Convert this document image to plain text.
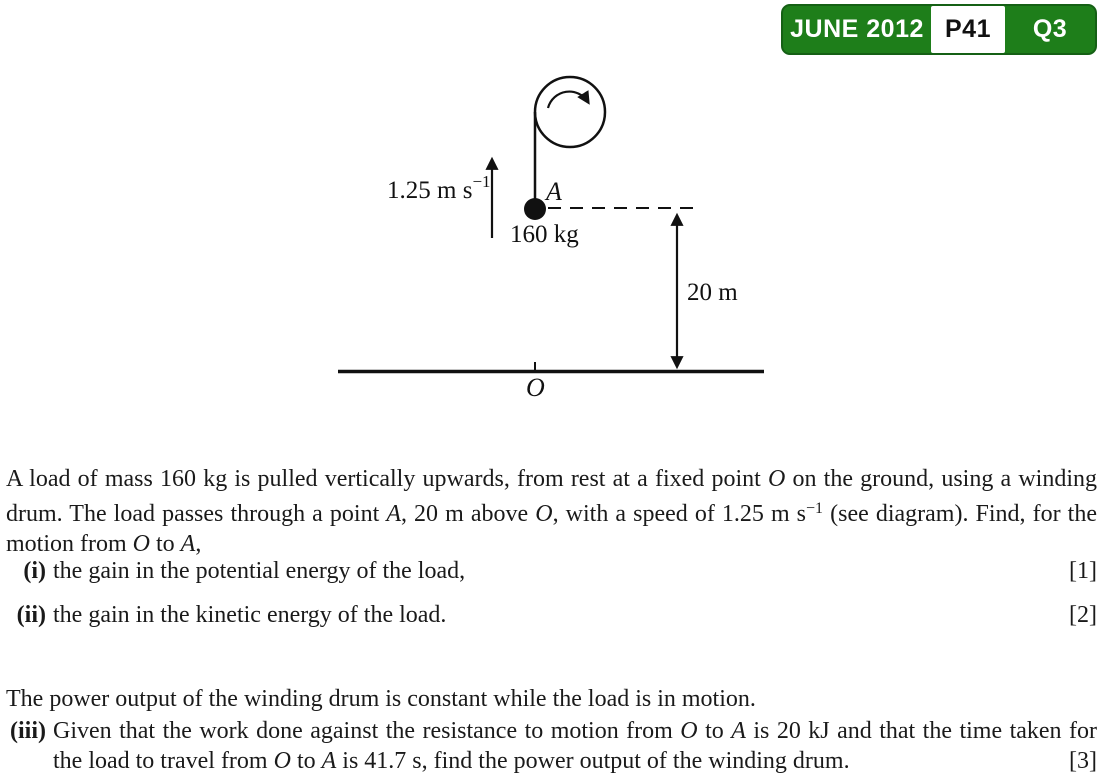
JUNE 2012 P41	Q3
A
160 kg
1.25 m $s^{-1}$
20 m
O

A load of mass 160 kg is pulled vertically upwards, from rest at a fixed point O on the ground, using a winding drum. The load passes through a point A, 20 m above O, with a speed of 1.25 m $s^{-1}$ (see diagram). Find, for the motion from O to A,

(i) the gain in the potential energy of the load,	[1]
(ii) the gain in the kinetic energy of the load.	[2]

The power output of the winding drum is constant while the load is in motion.

(iii) Given that the work done against the resistance to motion from O to A is 20 kJ and that the time taken for the load to travel from O to A is 41.7 s, find the power output of the winding drum.	[3]
